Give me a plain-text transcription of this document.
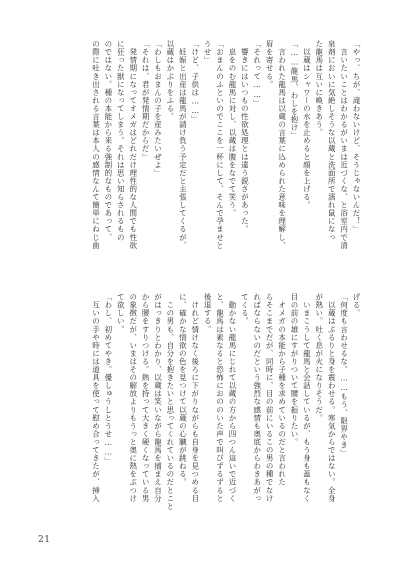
「やっ、ちが、滝わないけど、そうじゃないんだ！」

　言いたいことはわかるがいまは近づくな、と浴室内で清

泉剤においに気絶しそうな以蔵と洗面所で濡れ鼠になっ

た龍馬は互いに喚きあう。

　以蔵はシャワーの水を止めると顔を上げる。

「……龍馬、わしを抱け」

　言われた龍馬は以蔵の言葉に込められた意味を理解し、

眉を寄せる。

「それって……」

　響きにはいつもの性欲処理とは違う鋭さがあった。

　息をのむ龍馬に対し、以蔵は腹をなでて笑う。

「おまんのふといのでここを一杯にして、そんで孕ませと

うせ」

「けど、子供は……」

　妊娠と出産は龍馬が請け負う予定だと主張してくるが、

以蔵はかぶりをふる。

「わしもおまんの子を産みたいぜよ」

「それは、君が発情期だからだ」

　発情期になってオメガはどれだけ理性的な人間でも性欲

に狂った獣になってしまう。それは思い知らされるもの

のではない。種の本能から来る強制的なものであって、

の際に吐き出される言葉は本人の感情なんて簡単にねじ曲

げる。

「何度も言わせるな。……もう、限界やき」

　以蔵はぶるりと身を震わせる。寒気からではない。全身

が熱い。吐く息が火になりそうだ。

　いまこうして龍馬と会話しているが、もう身も蓋もなく

目の前の雄にすがりついて腰を振りたい。

　オメガの本能から子種を求めているのだと言われた

らそこまでだが、同時に、目の前にいるこの男の種でなけ

ればならないのだという強烈な感情も奥底からわきあがっ

てくる。

　動かない龍馬にじれて以蔵の方から四つん這いで近づく

と、龍馬は素なると恐怖におののいた声で叫びずるずると

後退する。

　けれど情けなく後ろに下がりながらも自身を見つめる目

に、確かな情欲の色を見つけて以蔵の心臓が跳ねる。

　この男も、自分を抱きたいと思ってくれているのだとこと

がはっきりとわかり、以蔵は笑いながら龍馬を捕まえ自分

から腰をすりつける。熱を持って大きく硬くなっている男

の象徴だが、いまはその解放よりもうっと奥に熱をぶつけ

て欲しい。

「わし、初めてやき。優しゅうしとうせ……」

　互いの手や時には道具を使って慰め合ってきたが、挿入

21
